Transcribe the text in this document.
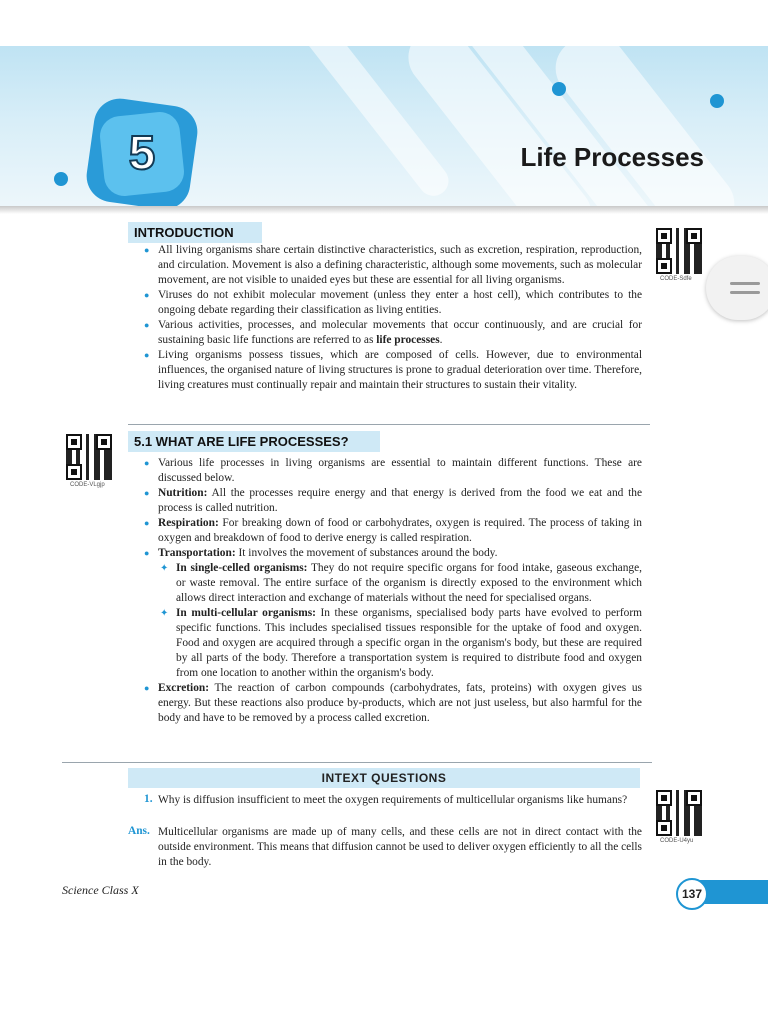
5	Life Processes
INTRODUCTION
CODE-Sdfe
● All living organisms share certain distinctive characteristics, such as excretion, respiration, reproduction, and circulation. Movement is also a defining characteristic, although some movements, such as molecular movement, are not visible to unaided eyes but these are essential for all living organisms.
● Viruses do not exhibit molecular movement (unless they enter a host cell), which contributes to the ongoing debate regarding their classification as living entities.
● Various activities, processes, and molecular movements that occur continuously, and are crucial for sustaining basic life functions are referred to as life processes.
● Living organisms possess tissues, which are composed of cells. However, due to environmental influences, the organised nature of living structures is prone to gradual deterioration over time. Therefore, living creatures must continually repair and maintain their structures to sustain their vitality.
5.1 WHAT ARE LIFE PROCESSES?
CODE-VLgjp
● Various life processes in living organisms are essential to maintain different functions. These are discussed below.
● Nutrition: All the processes require energy and that energy is derived from the food we eat and the process is called nutrition.
● Respiration: For breaking down of food or carbohydrates, oxygen is required. The process of taking in oxygen and breakdown of food to derive energy is called respiration.
● Transportation: It involves the movement of substances around the body.
✦ In single-celled organisms: They do not require specific organs for food intake, gaseous exchange, or waste removal. The entire surface of the organism is directly exposed to the environment which allows direct interaction and exchange of materials without the need for specialised organs.
✦ In multi-cellular organisms: In these organisms, specialised body parts have evolved to perform specific functions. This includes specialised tissues responsible for the uptake of food and oxygen. Food and oxygen are acquired through a specific organ in the organism's body, but these are required by all parts of the body. Therefore a transportation system is required to distribute food and oxygen from one location to another within the organism's body.
● Excretion: The reaction of carbon compounds (carbohydrates, fats, proteins) with oxygen gives us energy. But these reactions also produce by-products, which are not just useless, but also harmful for the body and have to be removed by a process called excretion.
INTEXT QUESTIONS
CODE-U4yu
1. Why is diffusion insufficient to meet the oxygen requirements of multicellular organisms like humans?
Ans. Multicellular organisms are made up of many cells, and these cells are not in direct contact with the outside environment. This means that diffusion cannot be used to deliver oxygen efficiently to all the cells in the body.
Science Class X	137
